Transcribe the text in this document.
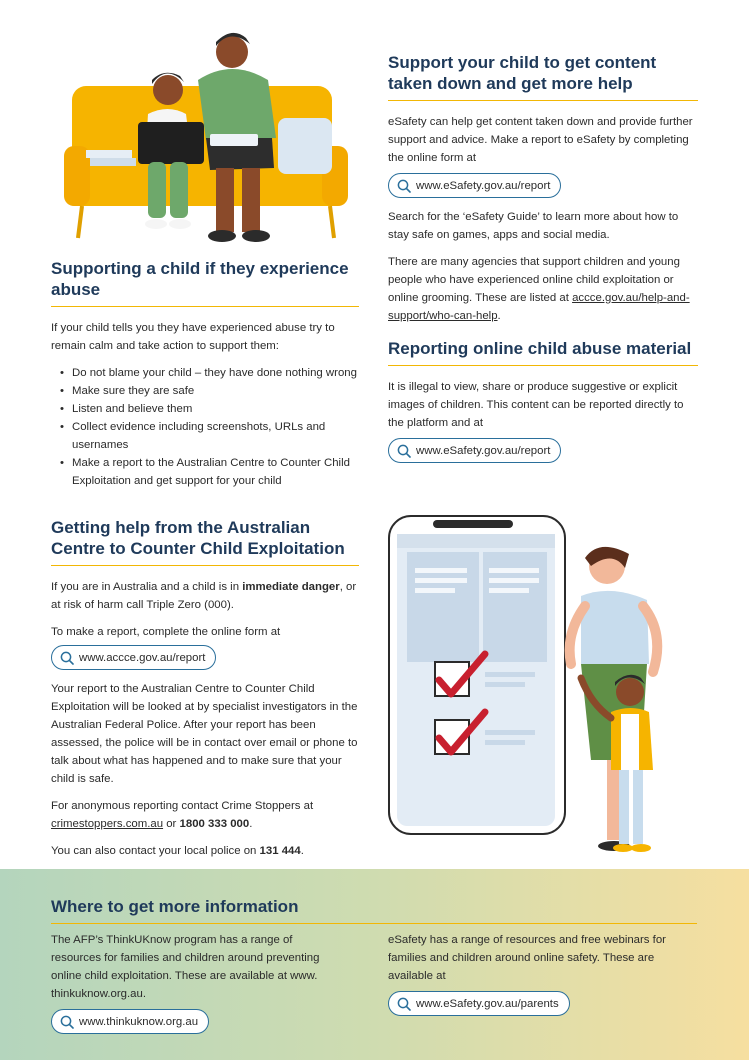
Supporting a child if they experience abuse

If your child tells you they have experienced abuse try to remain calm and take action to support them:

• Do not blame your child – they have done nothing wrong
• Make sure they are safe
• Listen and believe them
• Collect evidence including screenshots, URLs and usernames
• Make a report to the Australian Centre to Counter Child Exploitation and get support for your child
Getting help from the Australian Centre to Counter Child Exploitation

If you are in Australia and a child is in immediate danger, or at risk of harm call Triple Zero (000).

To make a report, complete the online form at

www.accce.gov.au/report

Your report to the Australian Centre to Counter Child Exploitation will be looked at by specialist investigators in the Australian Federal Police. After your report has been assessed, the police will be in contact over email or phone to talk about what has happened and to make sure that your child is safe.

For anonymous reporting contact Crime Stoppers at
crimestoppers.com.au or 1800 333 000.

You can also contact your local police on 131 444.

Support your child to get content taken down and get more help

eSafety can help get content taken down and provide further support and advice. Make a report to eSafety by completing the online form at

www.eSafety.gov.au/report

Search for the ‘eSafety Guide’ to learn more about how to stay safe on games, apps and social media.

There are many agencies that support children and young people who have experienced online child exploitation or online grooming. These are listed at accce.gov.au/help-and-support/who-can-help.

Reporting online child abuse material

It is illegal to view, share or produce suggestive or explicit images of children. This content can be reported directly to the platform and at

www.eSafety.gov.au/report
Where to get more information

The AFP’s ThinkUKnow program has a range of resources for families and children around preventing online child exploitation. These are available at www. thinkuknow.org.au.

www.thinkuknow.org.au

eSafety has a range of resources and free webinars for families and children around online safety. These are available at

www.eSafety.gov.au/parents
